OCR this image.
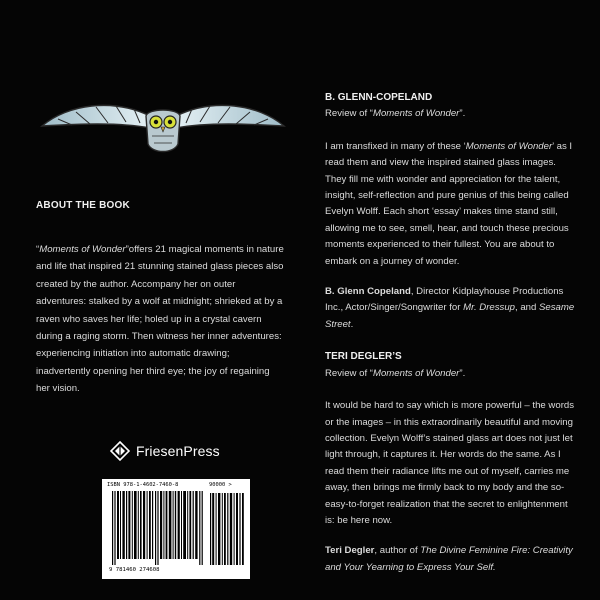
ABOUT THE BOOK

“Moments of Wonder”offers 21 magical moments in nature and life that inspired 21 stunning stained glass pieces also created by the author. Accompany her on outer adventures: stalked by a wolf at midnight; shrieked at by a raven who saves her life; holed up in a crystal cavern during a raging storm. Then witness her inner adventures: experiencing initiation into automatic drawing; inadvertently opening her third eye; the joy of regaining her vision.

FriesenPress
ISBN 978-1-4602-7460-8	90000 >
9 781460 274608

B. GLENN-COPELAND

Review of “Moments of Wonder”.

I am transfixed in many of these ‘Moments of Wonder’ as I read them and view the inspired stained glass images. They fill me with wonder and appreciation for the talent, insight, self-reflection and pure genius of this being called Evelyn Wolff. Each short ‘essay’ makes time stand still, allowing me to see, smell, hear, and touch these precious moments experienced to their fullest. You are about to embark on a journey of wonder.

B. Glenn Copeland, Director Kidplayhouse Productions Inc., Actor/Singer/Songwriter for Mr. Dressup, and Sesame Street.

TERI DEGLER’S

Review of “Moments of Wonder”.

It would be hard to say which is more powerful – the words or the images – in this extraordinarily beautiful and moving collection. Evelyn Wolff’s stained glass art does not just let light through, it captures it. Her words do the same. As I read them their radiance lifts me out of myself, carries me away, then brings me firmly back to my body and the so-easy-to-forget realization that the secret to enlightenment is: be here now.

Teri Degler, author of The Divine Feminine Fire: Creativity and Your Yearning to Express Your Self.
